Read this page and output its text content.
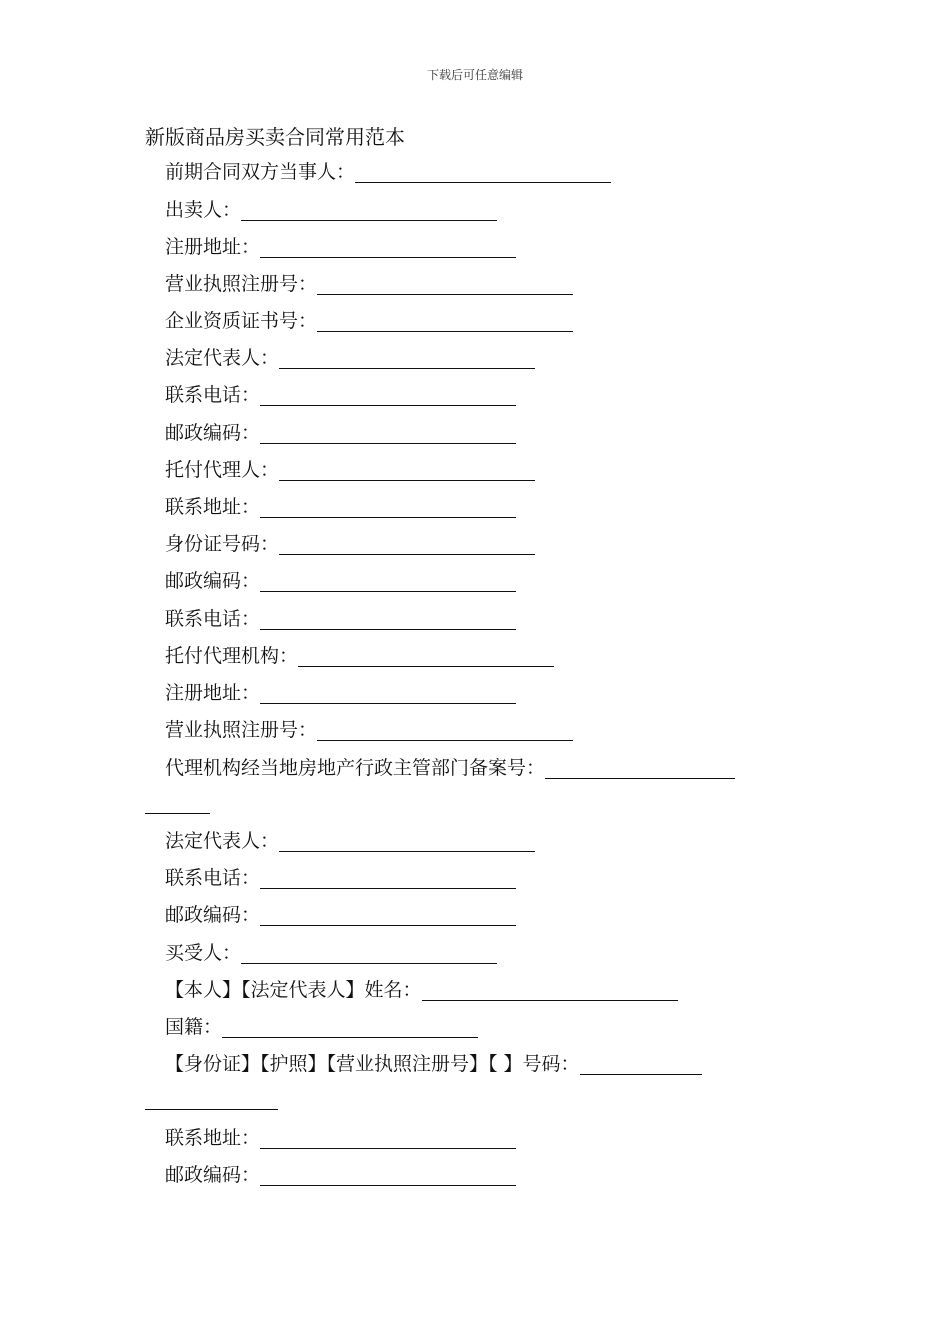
下载后可任意编辑
新版商品房买卖合同常用范本
前期合同双方当事人：
出卖人：
注册地址：
营业执照注册号：
企业资质证书号：
法定代表人：
联系电话：
邮政编码：
托付代理人：
联系地址：
身份证号码：
邮政编码：
联系电话：
托付代理机构：
注册地址：
营业执照注册号：
代理机构经当地房地产行政主管部门备案号：
法定代表人：
联系电话：
邮政编码：
买受人：
【本人】【法定代表人】姓名：
国籍：
【身份证】【护照】【营业执照注册号】【 】号码：
联系地址：
邮政编码：
